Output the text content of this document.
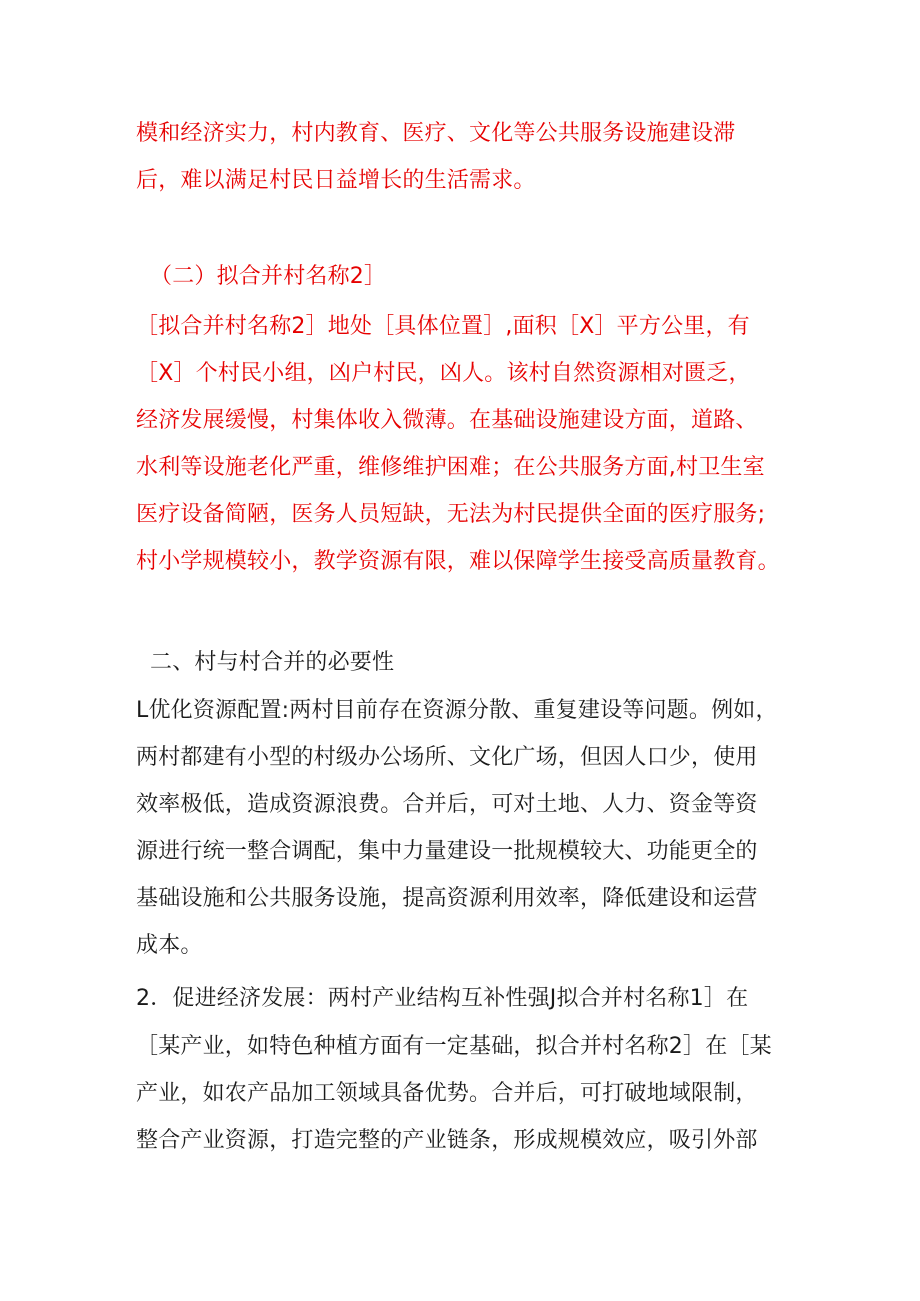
模和经济实力，村内教育、医疗、文化等公共服务设施建设滞
后，难以满足村民日益增长的生活需求。
（二）拟合并村名称2］
［拟合并村名称2］地处［具体位置］,面积［X］平方公里，有
［X］个村民小组，凶户村民，凶人。该村自然资源相对匮乏，
经济发展缓慢，村集体收入微薄。在基础设施建设方面，道路、
水利等设施老化严重，维修维护困难；在公共服务方面,村卫生室
医疗设备简陋，医务人员短缺，无法为村民提供全面的医疗服务;
村小学规模较小，教学资源有限，难以保障学生接受高质量教育。
二、村与村合并的必要性
L优化资源配置:两村目前存在资源分散、重复建设等问题。例如，
两村都建有小型的村级办公场所、文化广场，但因人口少，使用
效率极低，造成资源浪费。合并后，可对土地、人力、资金等资
源进行统一整合调配，集中力量建设一批规模较大、功能更全的
基础设施和公共服务设施，提高资源利用效率，降低建设和运营
成本。
2．促进经济发展：两村产业结构互补性强J拟合并村名称1］在
［某产业，如特色种植方面有一定基础，拟合并村名称2］在［某
产业，如农产品加工领域具备优势。合并后，可打破地域限制，
整合产业资源，打造完整的产业链条，形成规模效应，吸引外部
